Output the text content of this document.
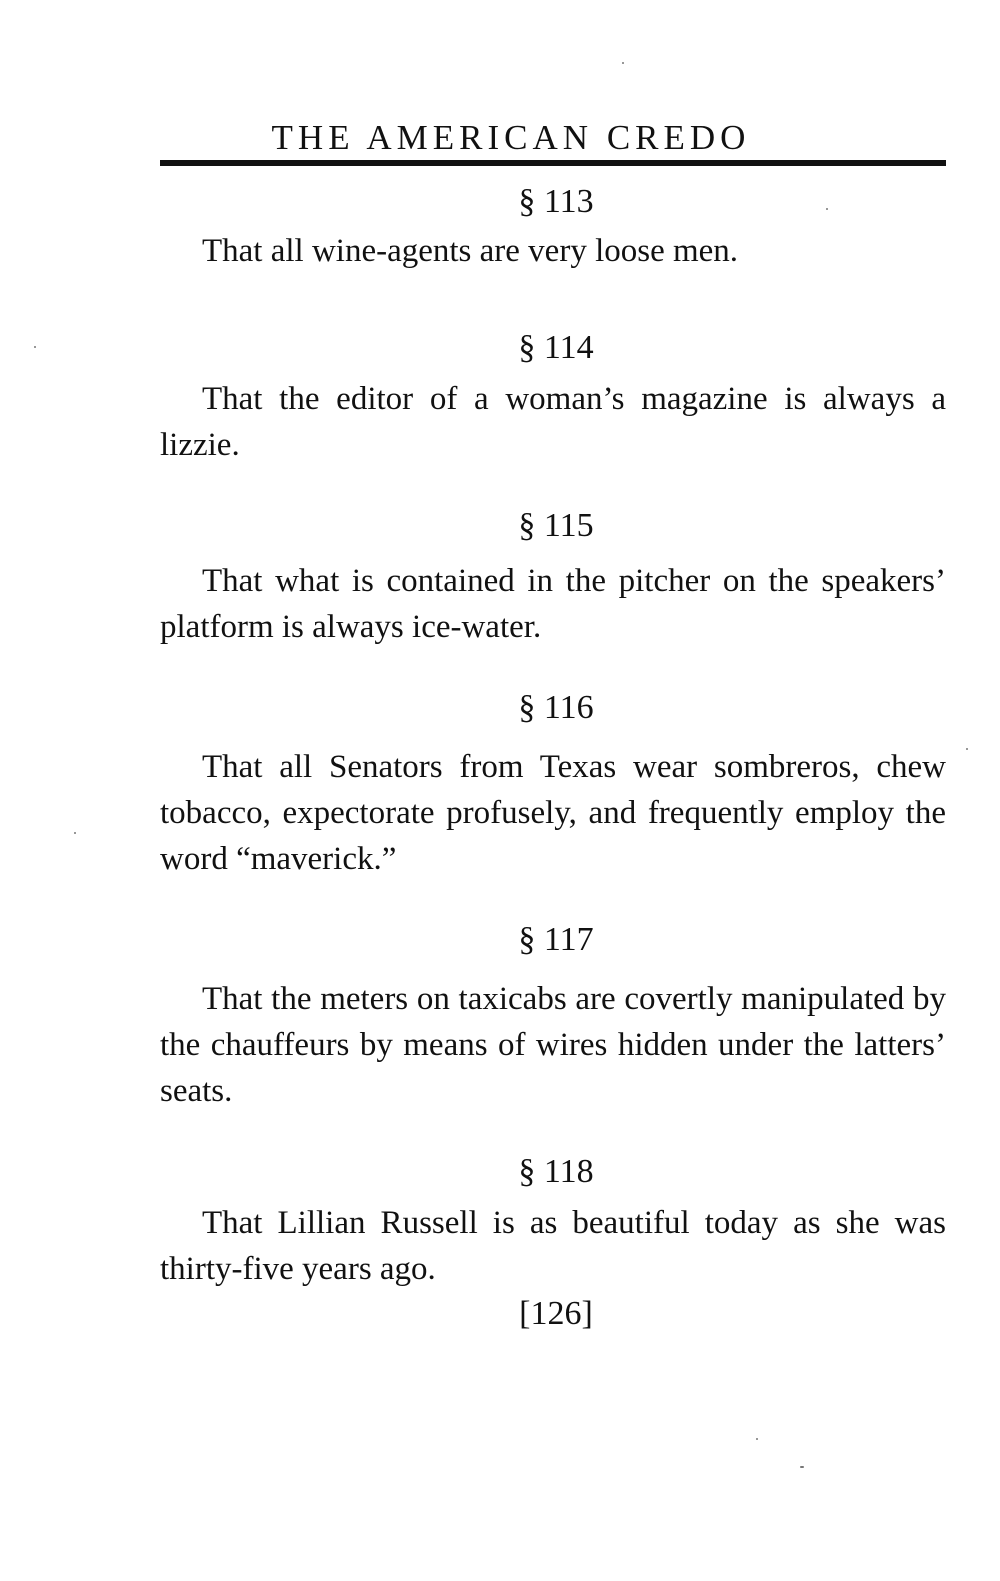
THE AMERICAN CREDO
§ 113

That all wine-agents are very loose men.

§ 114

That the editor of a woman’s magazine is always a lizzie.

§ 115

That what is contained in the pitcher on the speakers’ platform is always ice-water.

§ 116

That all Senators from Texas wear sombreros, chew tobacco, expectorate profusely, and frequently employ the word “maverick.”

§ 117

That the meters on taxicabs are covertly manipulated by the chauffeurs by means of wires hidden under the latters’ seats.

§ 118

That Lillian Russell is as beautiful today as she was thirty-five years ago.

[126]
